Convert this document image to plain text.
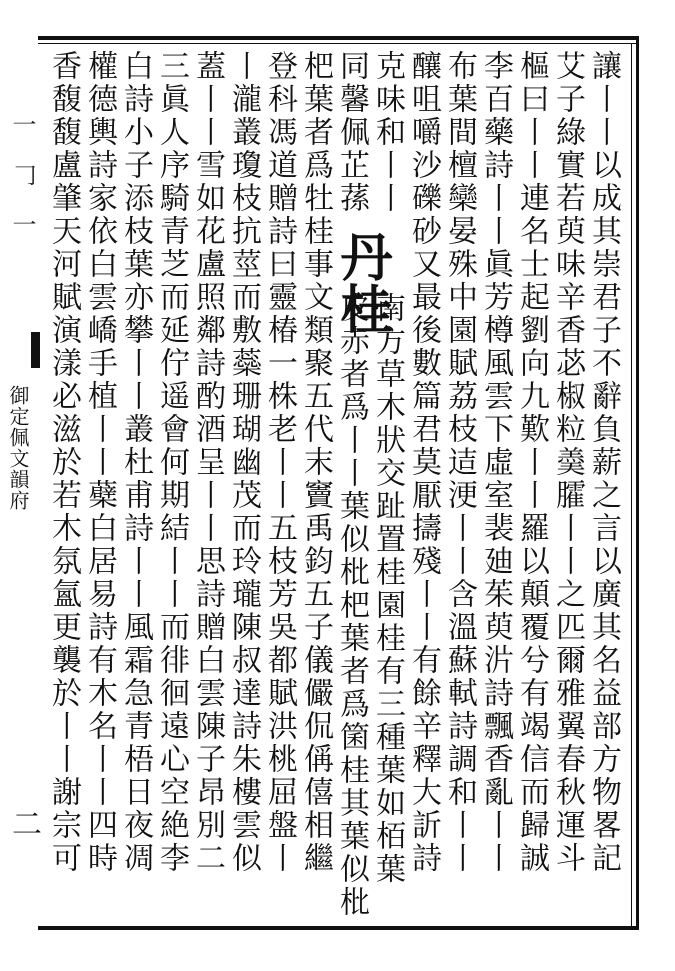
一𠃌一
御定佩文韻府
二	讓丨丨以成其崇君子不辭負薪之言以廣其名益部方物畧記
艾子綠實若萸味辛香苾椒粒羮臛丨丨之匹爾雅翼春秋運斗
樞曰丨丨連名士起劉向九歎丨丨羅以顛覆兮有竭信而歸誠
李百藥詩丨丨眞芳樽風雲下虛室裴廸茱萸沜詩飄香亂丨丨
布葉間檀欒晏殊中園賦荔枝迼浭丨丨含溫蘇軾詩調和丨丨
釀咀嚼沙礫砂又最後數篇君莫厭擣殘丨丨有餘辛釋大訢詩
克味和丨丨
同馨佩芷蓀
丹桂
南方草木狀交趾置桂園桂有三種葉如栢葉
皮赤者爲丨丨葉似枇杷葉者爲箘桂其葉似枇
杷葉者爲牡桂事文類聚五代末竇禹鈞五子儀儼侃偁僖相繼
登科馮道贈詩曰靈椿一株老丨丨五枝芳吳都賦洪桃屈盤丨
丨瀧叢瓊枝抗莖而敷蘂珊瑚幽茂而玲瓏陳叔達詩朱樓雲似
蓋丨丨雪如花盧照鄰詩酌酒呈丨丨思詩贈白雲陳子昂別二
三眞人序騎青芝而延佇遥會何期結丨丨而徘徊遠心空絶李
白詩小子添枝葉亦攀丨丨叢杜甫詩丨丨風霜急青梧日夜凋
權德輿詩家依白雲嶠手植丨丨蘗白居易詩有木名丨丨四時
香馥馥盧肇天河賦演漾必滋於若木氛氳更襲於丨丨謝宗可
